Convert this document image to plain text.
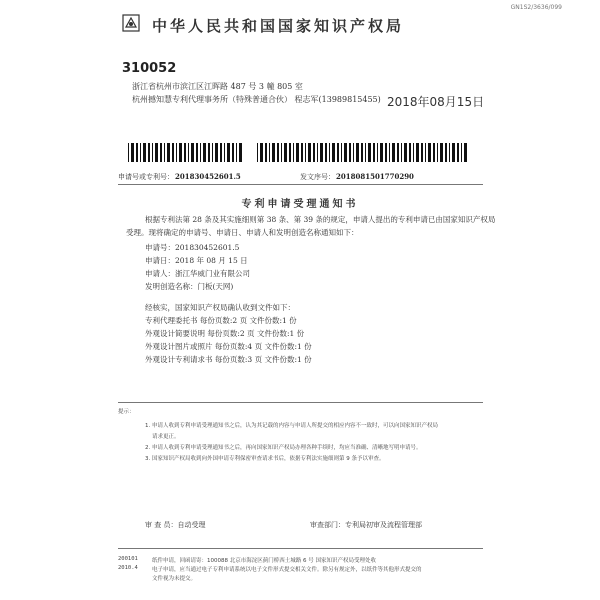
GN1S2/3636/099
中华人民共和国国家知识产权局
310052
浙江省杭州市滨江区江晖路 487 号 3 幢 805 室
杭州撼知慧专利代理事务所（特殊普通合伙） 程志军(13989815455) 2018年08月15日
申请号或专利号：201830452601.5	发文序号：2018081501770290
专利申请受理通知书
根据专利法第 28 条及其实施细则第 38 条、第 39 条的规定，申请人提出的专利申请已由国家知识产权局
受理。现将确定的申请号、申请日、申请人和发明创造名称通知如下：
申请号：201830452601.5
申请日：2018 年 08 月 15 日
申请人：浙江华威门业有限公司
发明创造名称：门板(天网)
经核实，国家知识产权局确认收到文件如下：
专利代理委托书 每份页数:2 页 文件份数:1 份
外观设计简要说明 每份页数:2 页 文件份数:1 份
外观设计图片或照片 每份页数:4 页 文件份数:1 份
外观设计专利请求书 每份页数:3 页 文件份数:1 份
提示：
1. 申请人收到专利申请受理通知书之后，认为其记载的内容与申请人所提交的相应内容不一致时，可以向国家知识产权局
请求更正。
2. 申请人收到专利申请受理通知书之后，再向国家知识产权局办理各种手续时，均应当准确、清晰地写明申请号。
3. 国家知识产权局收到向外国申请专利保密审查请求书后，依据专利法实施细则第 9 条予以审查。
审 查 员：自动受理	审查部门：专利局初审及流程管理部
200101	纸件申请，回函请寄：100088 北京市海淀区蓟门桥西土城路 6 号 国家知识产权局受理处收
2010.4	电子申请，应当通过电子专利申请系统以电子文件形式提交相关文件。除另有规定外，以纸件等其他形式提交的
文件视为未提交。
